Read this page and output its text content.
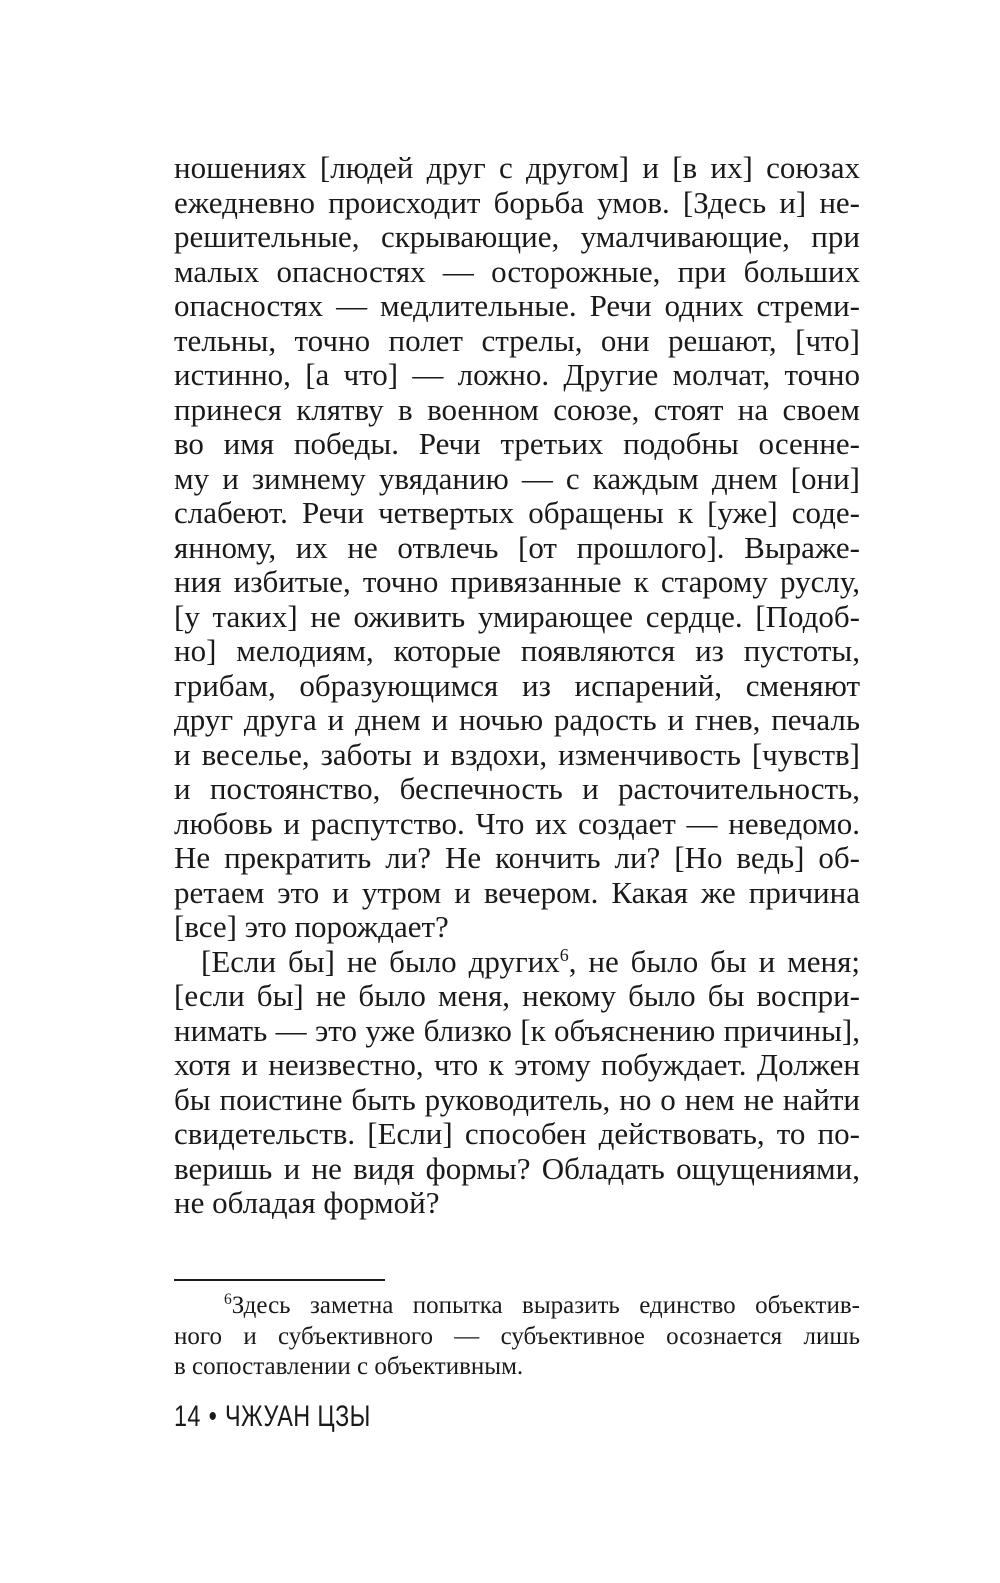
ношениях [людей друг с другом] и [в их] союзах
ежедневно происходит борьба умов. [Здесь и] не-
решительные, скрывающие, умалчивающие, при
малых опасностях — осторожные, при больших
опасностях — медлительные. Речи одних стреми-
тельны, точно полет стрелы, они решают, [что]
истинно, [а что] — ложно. Другие молчат, точно
принеся клятву в военном союзе, стоят на своем
во имя победы. Речи третьих подобны осенне-
му и зимнему увяданию — с каждым днем [они]
слабеют. Речи четвертых обращены к [уже] соде-
янному, их не отвлечь [от прошлого]. Выраже-
ния избитые, точно привязанные к старому руслу,
[у таких] не оживить умирающее сердце. [Подоб-
но] мелодиям, которые появляются из пустоты,
грибам, образующимся из испарений, сменяют
друг друга и днем и ночью радость и гнев, печаль
и веселье, заботы и вздохи, изменчивость [чувств]
и постоянство, беспечность и расточительность,
любовь и распутство. Что их создает — неведомо.
Не прекратить ли? Не кончить ли? [Но ведь] об-
ретаем это и утром и вечером. Какая же причина
[все] это порождает?
[Если бы] не было других$^6$, не было бы и меня;
[если бы] не было меня, некому было бы воспри-
нимать — это уже близко [к объяснению причины],
хотя и неизвестно, что к этому побуждает. Должен
бы поистине быть руководитель, но о нем не найти
свидетельств. [Если] способен действовать, то по-
веришь и не видя формы? Обладать ощущениями,
не обладая формой?
$^6$Здесь заметна попытка выразить единство объектив-
ного и субъективного — субъективное осознается лишь
в сопоставлении с объективным.
14 • ЧЖУАН ЦЗЫ
